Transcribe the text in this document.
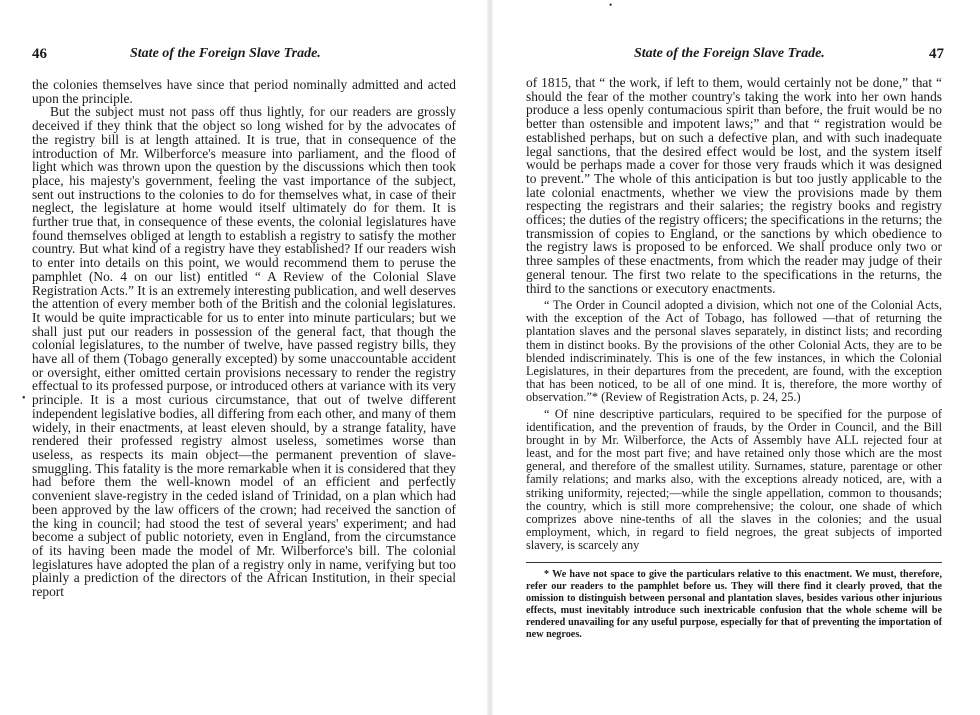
46	State of the Foreign Slave Trade.
•

the colonies themselves have since that period nominally admitted and acted upon the principle.

But the subject must not pass off thus lightly, for our readers are grossly deceived if they think that the object so long wished for by the advocates of the registry bill is at length attained. It is true, that in consequence of the introduction of Mr. Wilberforce's measure into parliament, and the flood of light which was thrown upon the question by the discussions which then took place, his majesty's government, feeling the vast importance of the subject, sent out instructions to the colonies to do for themselves what, in case of their neglect, the legislature at home would itself ultimately do for them. It is further true that, in consequence of these events, the colonial legislatures have found themselves obliged at length to establish a registry to satisfy the mother country. But what kind of a registry have they established? If our readers wish to enter into details on this point, we would recommend them to peruse the pamphlet (No. 4 on our list) entitled “ A Review of the Colonial Slave Registration Acts.” It is an extremely interesting publication, and well deserves the attention of every member both of the British and the colonial legislatures. It would be quite impracticable for us to enter into minute particulars; but we shall just put our readers in possession of the general fact, that though the colonial legislatures, to the number of twelve, have passed registry bills, they have all of them (Tobago generally excepted) by some unaccountable accident or oversight, either omitted certain provisions necessary to render the registry effectual to its professed purpose, or introduced others at variance with its very principle. It is a most curious circumstance, that out of twelve different independent legislative bodies, all differing from each other, and many of them widely, in their enactments, at least eleven should, by a strange fatality, have rendered their professed registry almost useless, sometimes worse than useless, as respects its main object—the permanent prevention of slave-smuggling. This fatality is the more remarkable when it is considered that they had before them the well-known model of an efficient and perfectly convenient slave-registry in the ceded island of Trinidad, on a plan which had been approved by the law officers of the crown; had received the sanction of the king in council; had stood the test of several years' experiment; and had become a subject of public notoriety, even in England, from the circumstance of its having been made the model of Mr. Wilberforce's bill. The colonial legislatures have adopted the plan of a registry only in name, verifying but too plainly a prediction of the directors of the African Institution, in their special report

State of the Foreign Slave Trade.	47

of 1815, that “ the work, if left to them, would certainly not be done,” that “ should the fear of the mother country's taking the work into her own hands produce a less openly contumacious spirit than before, the fruit would be no better than ostensible and impotent laws;” and that “ registration would be established perhaps, but on such a defective plan, and with such inadequate legal sanctions, that the desired effect would be lost, and the system itself would be perhaps made a cover for those very frauds which it was designed to prevent.” The whole of this anticipation is but too justly applicable to the late colonial enactments, whether we view the provisions made by them respecting the registrars and their salaries; the registry books and registry offices; the duties of the registry officers; the specifications in the returns; the transmission of copies to England, or the sanctions by which obedience to the registry laws is proposed to be enforced. We shall produce only two or three samples of these enactments, from which the reader may judge of their general tenour. The first two relate to the specifications in the returns, the third to the sanctions or executory enactments.

“ The Order in Council adopted a division, which not one of the Colonial Acts, with the exception of the Act of Tobago, has followed —that of returning the plantation slaves and the personal slaves separately, in distinct lists; and recording them in distinct books. By the provisions of the other Colonial Acts, they are to be blended indiscriminately. This is one of the few instances, in which the Colonial Legislatures, in their departures from the precedent, are found, with the exception that has been noticed, to be all of one mind. It is, therefore, the more worthy of observation.”* (Review of Registration Acts, p. 24, 25.)

“ Of nine descriptive particulars, required to be specified for the purpose of identification, and the prevention of frauds, by the Order in Council, and the Bill brought in by Mr. Wilberforce, the Acts of Assembly have ALL rejected four at least, and for the most part five; and have retained only those which are the most general, and therefore of the smallest utility. Surnames, stature, parentage or other family relations; and marks also, with the exceptions already noticed, are, with a striking uniformity, rejected;—while the single appellation, common to thousands; the country, which is still more comprehensive; the colour, one shade of which comprizes above nine-tenths of all the slaves in the colonies; and the usual employment, which, in regard to field negroes, the great subjects of imported slavery, is scarcely any

* We have not space to give the particulars relative to this enactment. We must, therefore, refer our readers to the pamphlet before us. They will there find it clearly proved, that the omission to distinguish between personal and plantation slaves, besides various other injurious effects, must inevitably introduce such inextricable confusion that the whole scheme will be rendered unavailing for any useful purpose, especially for that of preventing the importation of new negroes.

•
